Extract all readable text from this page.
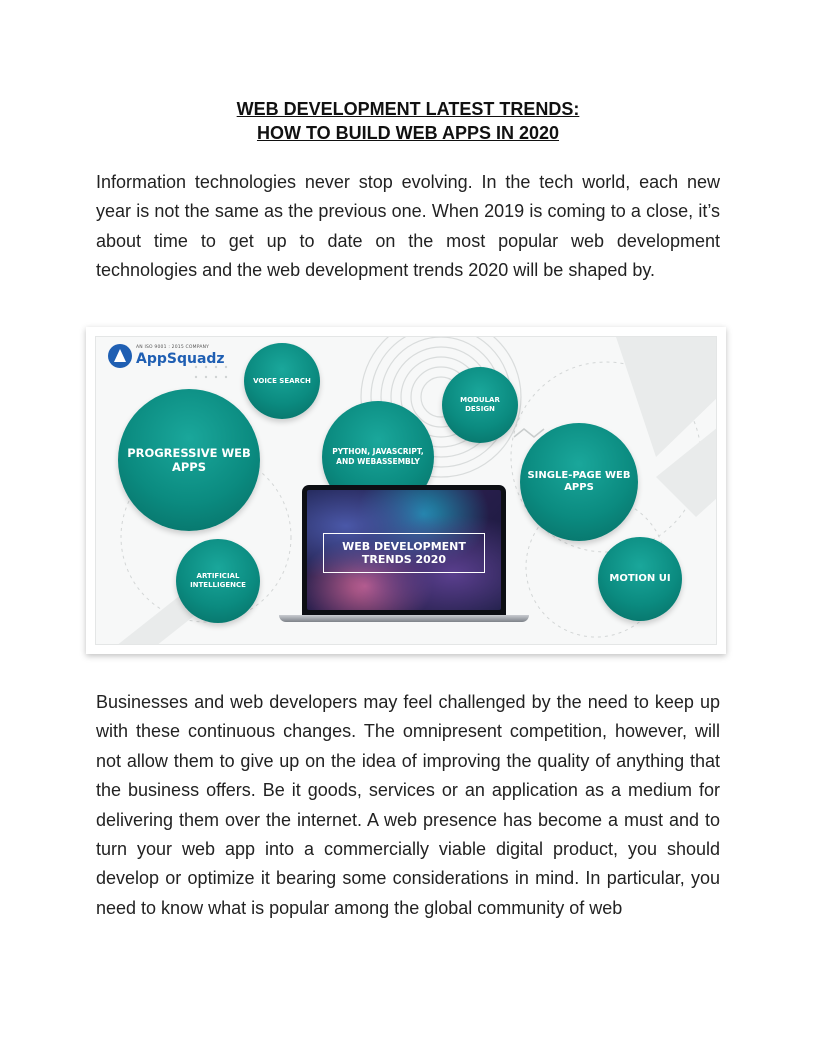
WEB DEVELOPMENT LATEST TRENDS:
HOW TO BUILD WEB APPS IN 2020
Information technologies never stop evolving. In the tech world, each new year is not the same as the previous one. When 2019 is coming to a close, it’s about time to get up to date on the most popular web development technologies and the web development trends 2020 will be shaped by.
AN ISO 9001 : 2015 COMPANY
AppSquadz
VOICE SEARCH
MODULAR DESIGN
PROGRESSIVE WEB APPS
PYTHON, JAVASCRIPT, AND WEBASSEMBLY
SINGLE-PAGE WEB APPS
ARTIFICIAL INTELLIGENCE
MOTION UI
WEB DEVELOPMENT
TRENDS 2020
Businesses and web developers may feel challenged by the need to keep up with these continuous changes. The omnipresent competition, however, will not allow them to give up on the idea of improving the quality of anything that the business offers. Be it goods, services or an application as a medium for delivering them over the internet. A web presence has become a must and to turn your web app into a commercially viable digital product, you should develop or optimize it bearing some considerations in mind. In particular, you need to know what is popular among the global community of web
